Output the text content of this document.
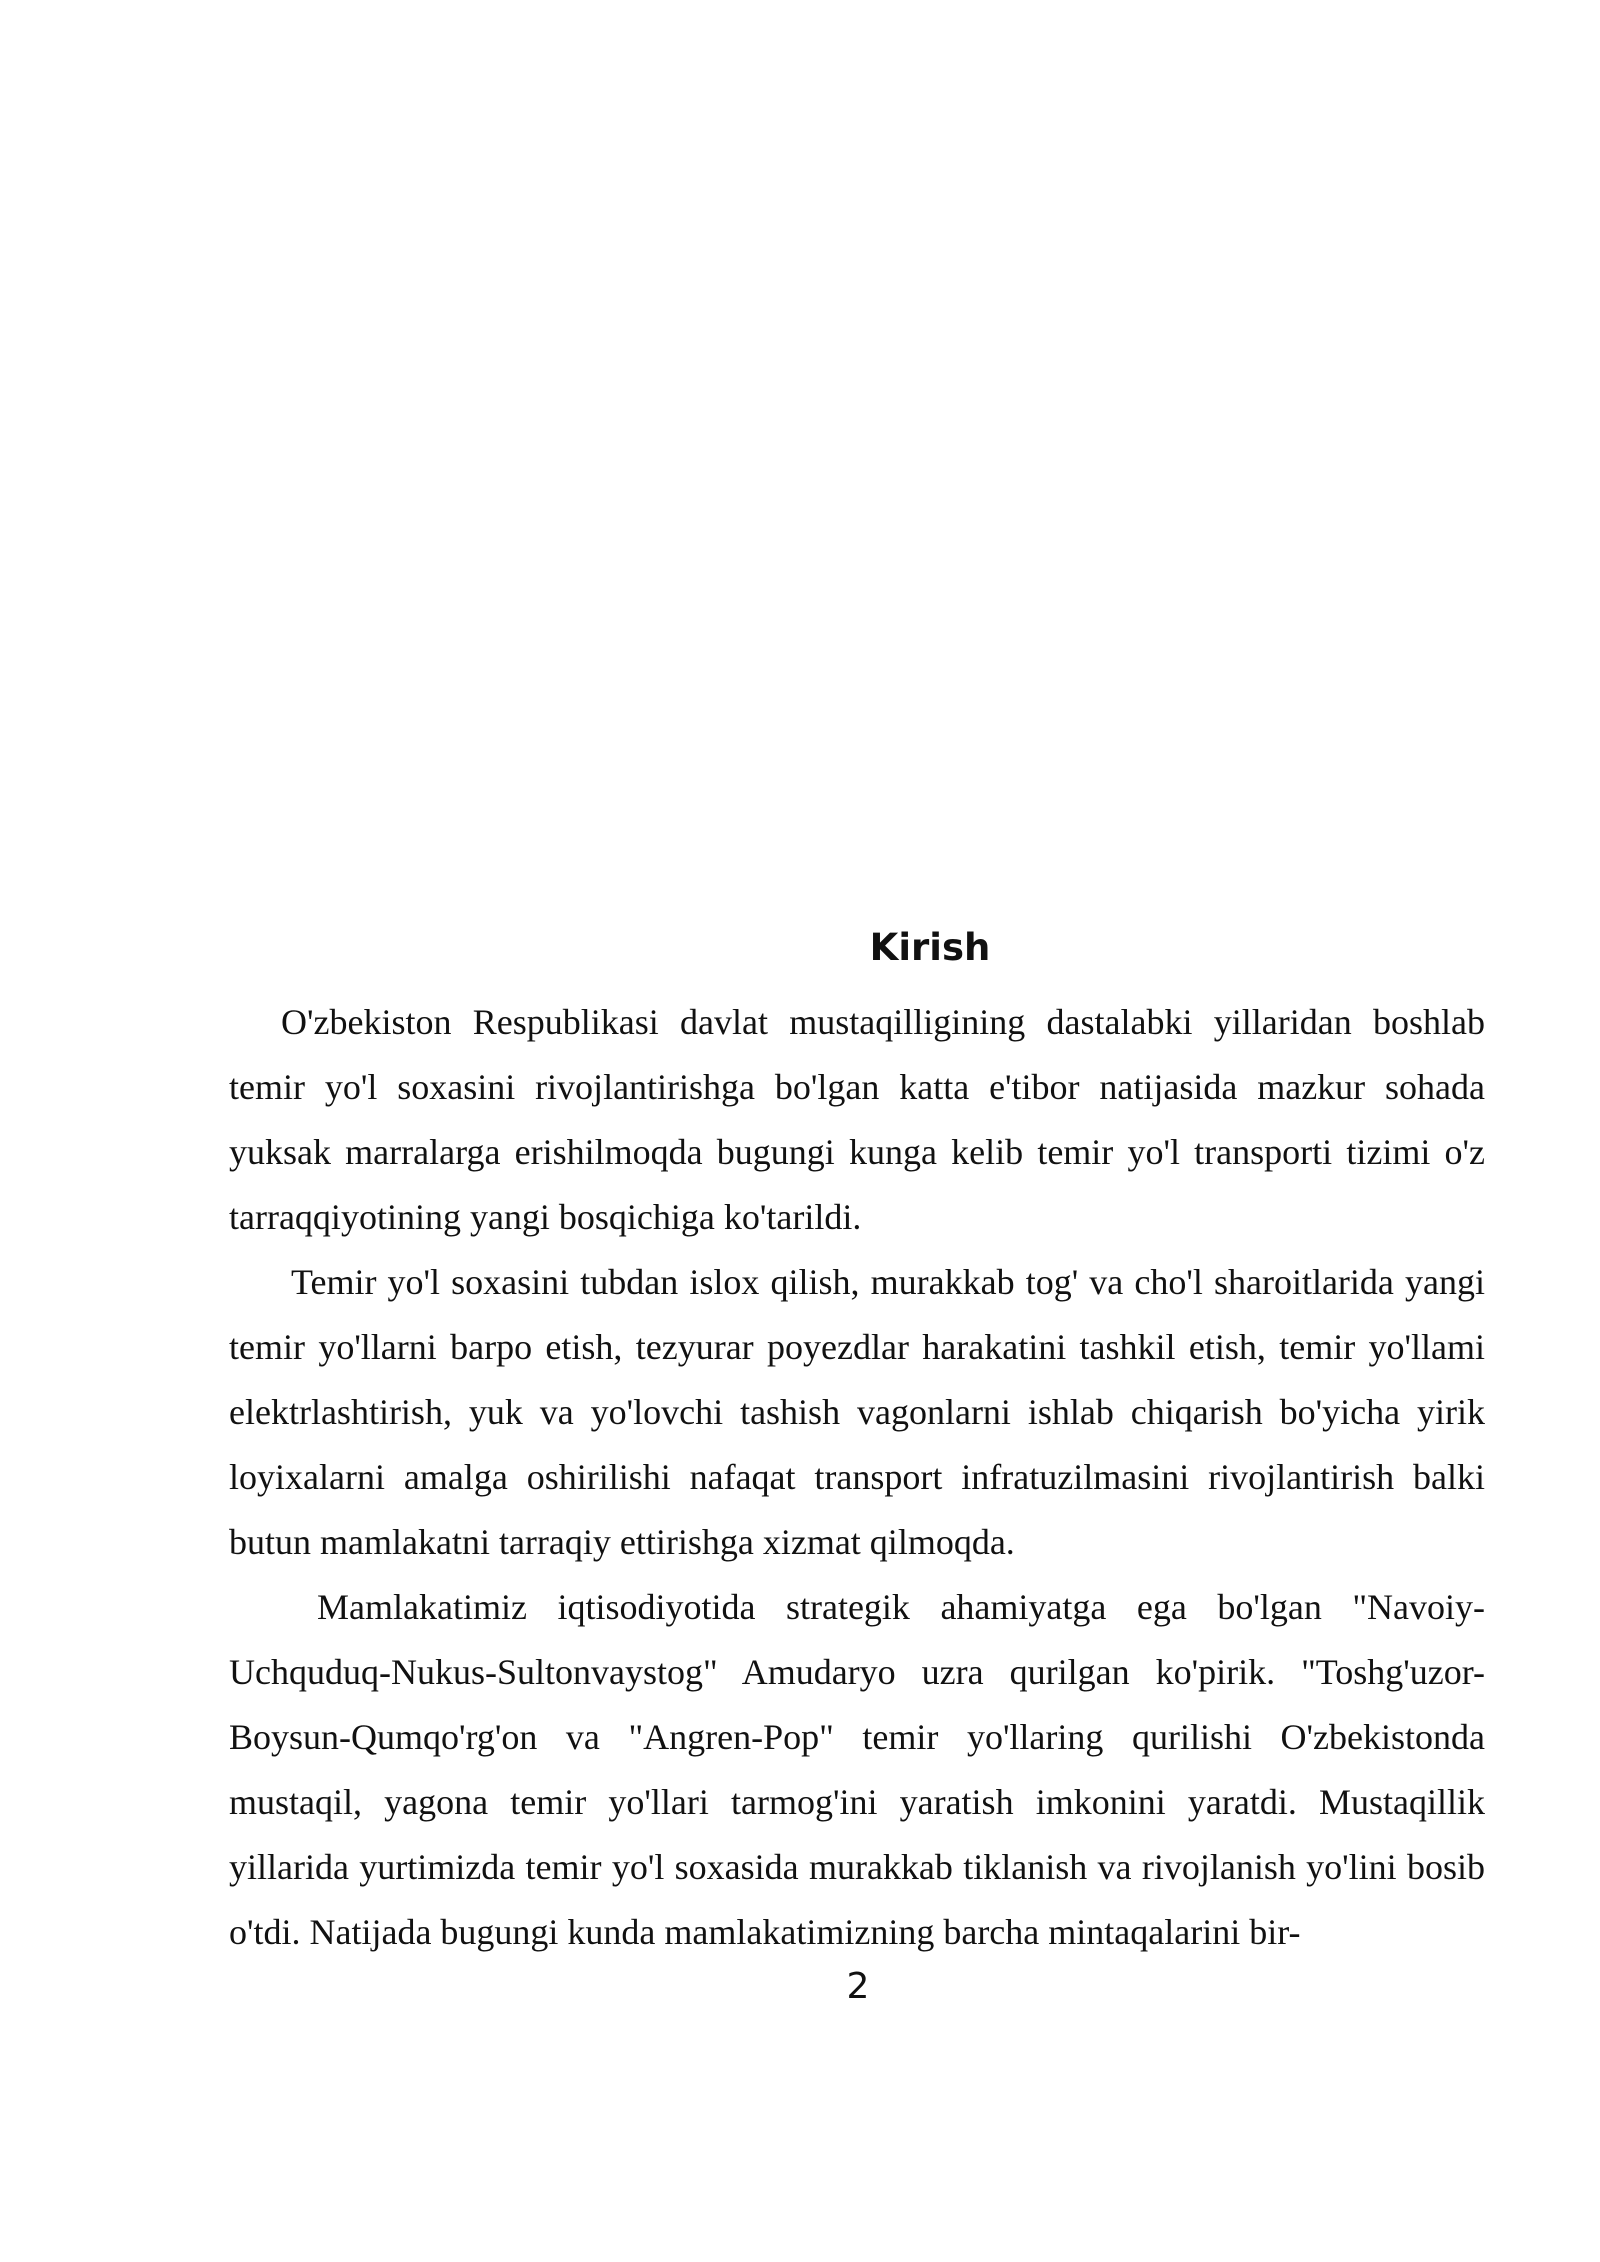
Kirish

O'zbekiston Respublikasi davlat mustaqilligining dastalabki yillaridan boshlab temir yo'l soxasini rivojlantirishga bo'lgan katta e'tibor natijasida mazkur sohada yuksak marralarga erishilmoqda bugungi kunga kelib temir yo'l transporti tizimi o'z tarraqqiyotining yangi bosqichiga ko'tarildi.

Temir yo'l soxasini tubdan islox qilish, murakkab tog' va cho'l sharoitlarida yangi temir yo'llarni barpo etish, tezyurar poyezdlar harakatini tashkil etish, temir yo'llami elektrlashtirish, yuk va yo'lovchi tashish vagonlarni ishlab chiqarish bo'yicha yirik loyixalarni amalga oshirilishi nafaqat transport infratuzilmasini rivojlantirish balki butun mamlakatni tarraqiy ettirishga xizmat qilmoqda.

Mamlakatimiz iqtisodiyotida strategik ahamiyatga ega bo'lgan "Navoiy-Uchquduq-Nukus-Sultonvaystog" Amudaryo uzra qurilgan ko'pirik. "Toshg'uzor-Boysun-Qumqo'rg'on va "Angren-Pop" temir yo'llaring qurilishi O'zbekistonda mustaqil, yagona temir yo'llari tarmog'ini yaratish imkonini yaratdi. Mustaqillik yillarida yurtimizda temir yo'l soxasida murakkab tiklanish va rivojlanish yo'lini bosib o'tdi. Natijada bugungi kunda mamlakatimizning barcha mintaqalarini bir-

2
